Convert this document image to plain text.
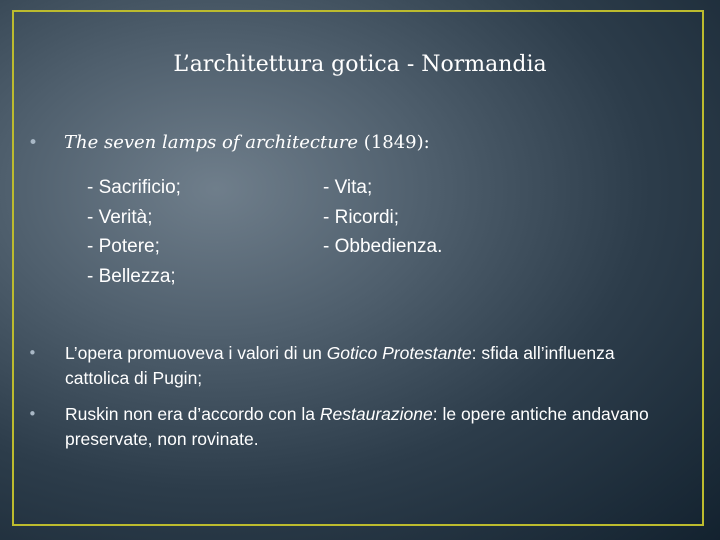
L’architettura gotica - Normandia
• The seven lamps of architecture (1849):
- Sacrificio;
- Verità;
- Potere;
- Bellezza;
- Vita;
- Ricordi;
- Obbedienza.
• L’opera promuoveva i valori di un Gotico Protestante: sfida all’influenza cattolica di Pugin;
• Ruskin non era d’accordo con la Restaurazione: le opere antiche andavano preservate, non rovinate.
